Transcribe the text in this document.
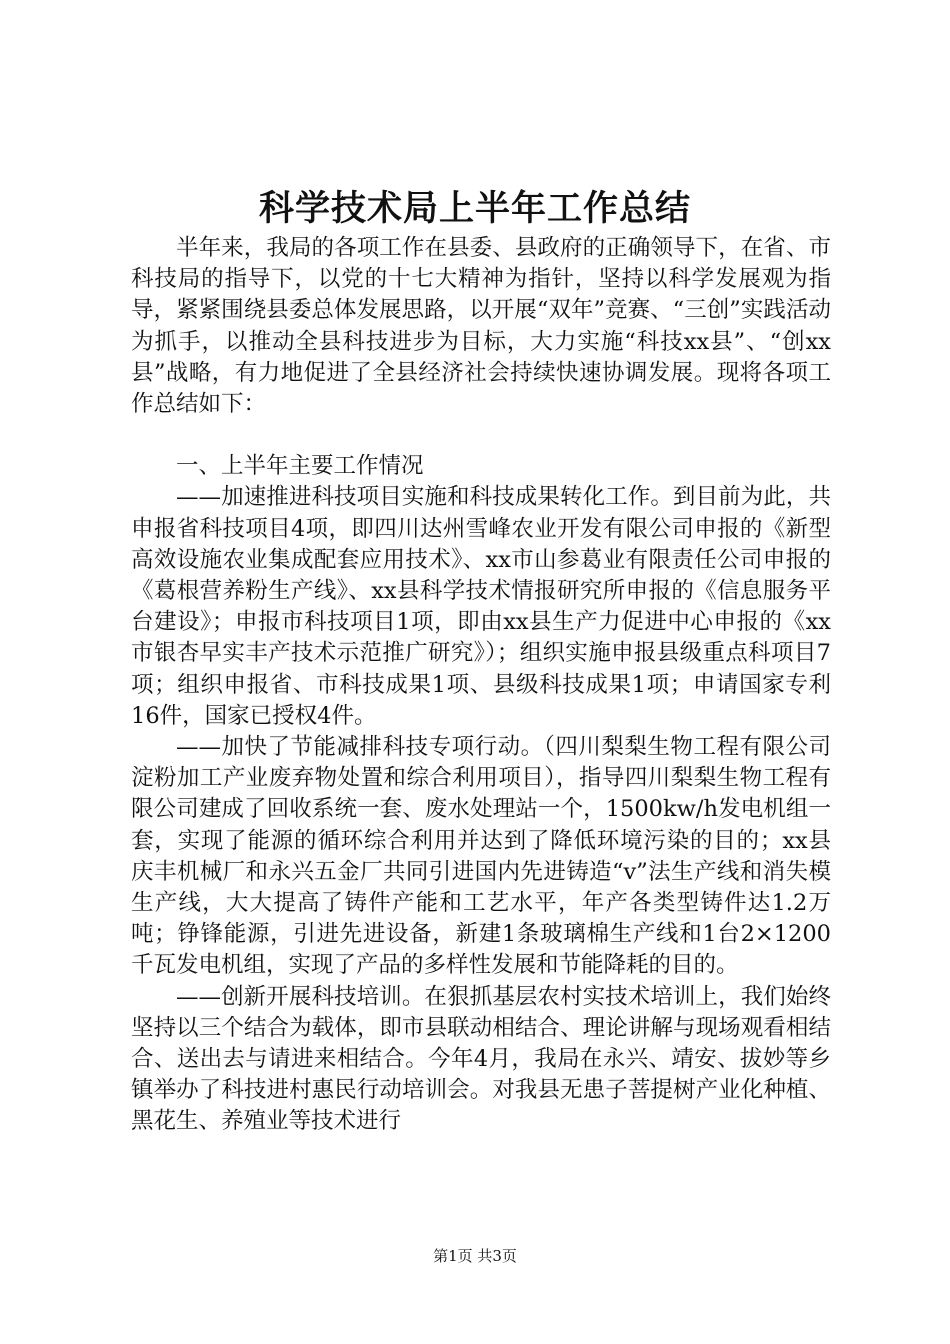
科学技术局上半年工作总结

半年来，我局的各项工作在县委、县政府的正确领导下，在省、市科技局的指导下，以党的十七大精神为指针，坚持以科学发展观为指导，紧紧围绕县委总体发展思路，以开展“双年”竞赛、“三创”实践活动为抓手，以推动全县科技进步为目标，大力实施“科技xx县”、“创xx县”战略，有力地促进了全县经济社会持续快速协调发展。现将各项工作总结如下：

一、上半年主要工作情况

——加速推进科技项目实施和科技成果转化工作。到目前为此，共申报省科技项目4项，即四川达州雪峰农业开发有限公司申报的《新型高效设施农业集成配套应用技术》、xx市山参葛业有限责任公司申报的《葛根营养粉生产线》、xx县科学技术情报研究所申报的《信息服务平台建设》；申报市科技项目1项，即由xx县生产力促进中心申报的《xx市银杏早实丰产技术示范推广研究》）；组织实施申报县级重点科项目7项；组织申报省、市科技成果1项、县级科技成果1项；申请国家专利16件，国家已授权4件。

——加快了节能减排科技专项行动。（四川梨梨生物工程有限公司淀粉加工产业废弃物处置和综合利用项目），指导四川梨梨生物工程有限公司建成了回收系统一套、废水处理站一个，1500kw/h发电机组一套，实现了能源的循环综合利用并达到了降低环境污染的目的；xx县庆丰机械厂和永兴五金厂共同引进国内先进铸造“v”法生产线和消失模生产线，大大提高了铸件产能和工艺水平，年产各类型铸件达1.2万吨；铮锋能源，引进先进设备，新建1条玻璃棉生产线和1台2×1200千瓦发电机组，实现了产品的多样性发展和节能降耗的目的。

——创新开展科技培训。在狠抓基层农村实技术培训上，我们始终坚持以三个结合为载体，即市县联动相结合、理论讲解与现场观看相结合、送出去与请进来相结合。今年4月，我局在永兴、靖安、拔妙等乡镇举办了科技进村惠民行动培训会。对我县无患子菩提树产业化种植、黑花生、养殖业等技术进行

第1页 共3页
